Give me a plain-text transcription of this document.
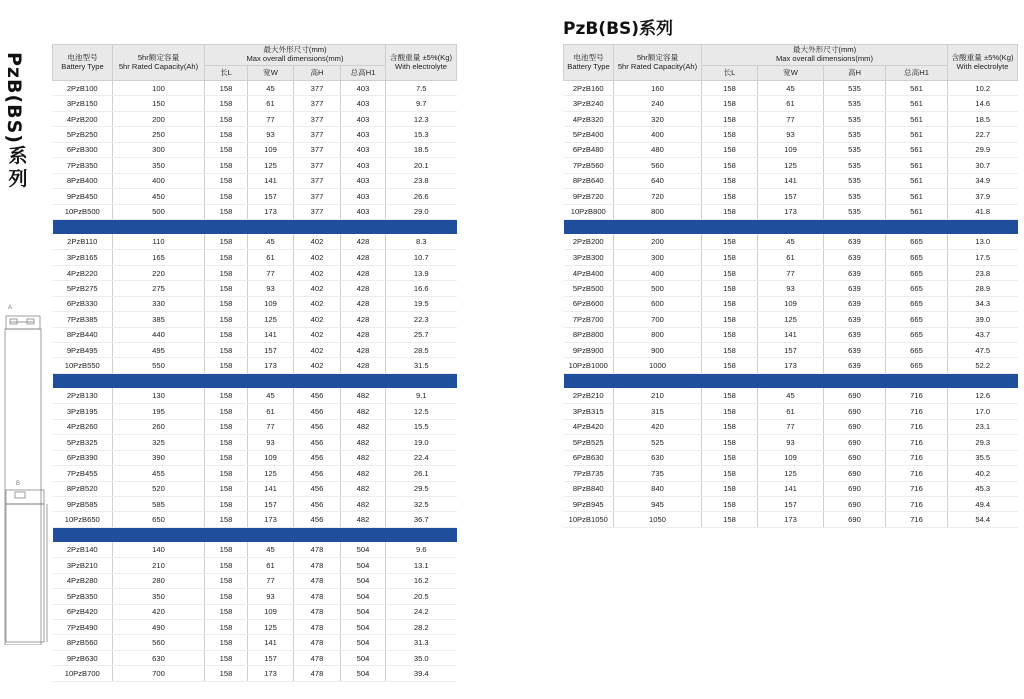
PzB(BS)
系
列
PzB(BS)系列
A
B
电池型号
Battery Type	5hr额定容量
5hr Rated Capacity(Ah)	最大外形尺寸(mm)
Max overall dimensions(mm)				含酸重量 ±5%(Kg)
With electrolyte
		长L	宽W	高H	总高H1	
2PzB100	100	158	45	377	403	7.5
3PzB150	150	158	61	377	403	9.7
4PzB200	200	158	77	377	403	12.3
5PzB250	250	158	93	377	403	15.3
6PzB300	300	158	109	377	403	18.5
7PzB350	350	158	125	377	403	20.1
8PzB400	400	158	141	377	403	23.8
9PzB450	450	158	157	377	403	26.6
10PzB500	500	158	173	377	403	29.0

2PzB110	110	158	45	402	428	8.3
3PzB165	165	158	61	402	428	10.7
4PzB220	220	158	77	402	428	13.9
5PzB275	275	158	93	402	428	16.6
6PzB330	330	158	109	402	428	19.5
7PzB385	385	158	125	402	428	22.3
8PzB440	440	158	141	402	428	25.7
9PzB495	495	158	157	402	428	28.5
10PzB550	550	158	173	402	428	31.5

2PzB130	130	158	45	456	482	9.1
3PzB195	195	158	61	456	482	12.5
4PzB260	260	158	77	456	482	15.5
5PzB325	325	158	93	456	482	19.0
6PzB390	390	158	109	456	482	22.4
7PzB455	455	158	125	456	482	26.1
8PzB520	520	158	141	456	482	29.5
9PzB585	585	158	157	456	482	32.5
10PzB650	650	158	173	456	482	36.7

2PzB140	140	158	45	478	504	9.6
3PzB210	210	158	61	478	504	13.1
4PzB280	280	158	77	478	504	16.2
5PzB350	350	158	93	478	504	20.5
6PzB420	420	158	109	478	504	24.2
7PzB490	490	158	125	478	504	28.2
8PzB560	560	158	141	478	504	31.3
9PzB630	630	158	157	478	504	35.0
10PzB700	700	158	173	478	504	39.4
电池型号
Battery Type	5hr额定容量
5hr Rated Capacity(Ah)	最大外形尺寸(mm)
Max overall dimensions(mm)				含酸重量 ±5%(Kg)
With electrolyte
		长L	宽W	高H	总高H1	
2PzB160	160	158	45	535	561	10.2
3PzB240	240	158	61	535	561	14.6
4PzB320	320	158	77	535	561	18.5
5PzB400	400	158	93	535	561	22.7
6PzB480	480	158	109	535	561	29.9
7PzB560	560	158	125	535	561	30.7
8PzB640	640	158	141	535	561	34.9
9PzB720	720	158	157	535	561	37.9
10PzB800	800	158	173	535	561	41.8

2PzB200	200	158	45	639	665	13.0
3PzB300	300	158	61	639	665	17.5
4PzB400	400	158	77	639	665	23.8
5PzB500	500	158	93	639	665	28.9
6PzB600	600	158	109	639	665	34.3
7PzB700	700	158	125	639	665	39.0
8PzB800	800	158	141	639	665	43.7
9PzB900	900	158	157	639	665	47.5
10PzB1000	1000	158	173	639	665	52.2

2PzB210	210	158	45	690	716	12.6
3PzB315	315	158	61	690	716	17.0
4PzB420	420	158	77	690	716	23.1
5PzB525	525	158	93	690	716	29.3
6PzB630	630	158	109	690	716	35.5
7PzB735	735	158	125	690	716	40.2
8PzB840	840	158	141	690	716	45.3
9PzB945	945	158	157	690	716	49.4
10PzB1050	1050	158	173	690	716	54.4
